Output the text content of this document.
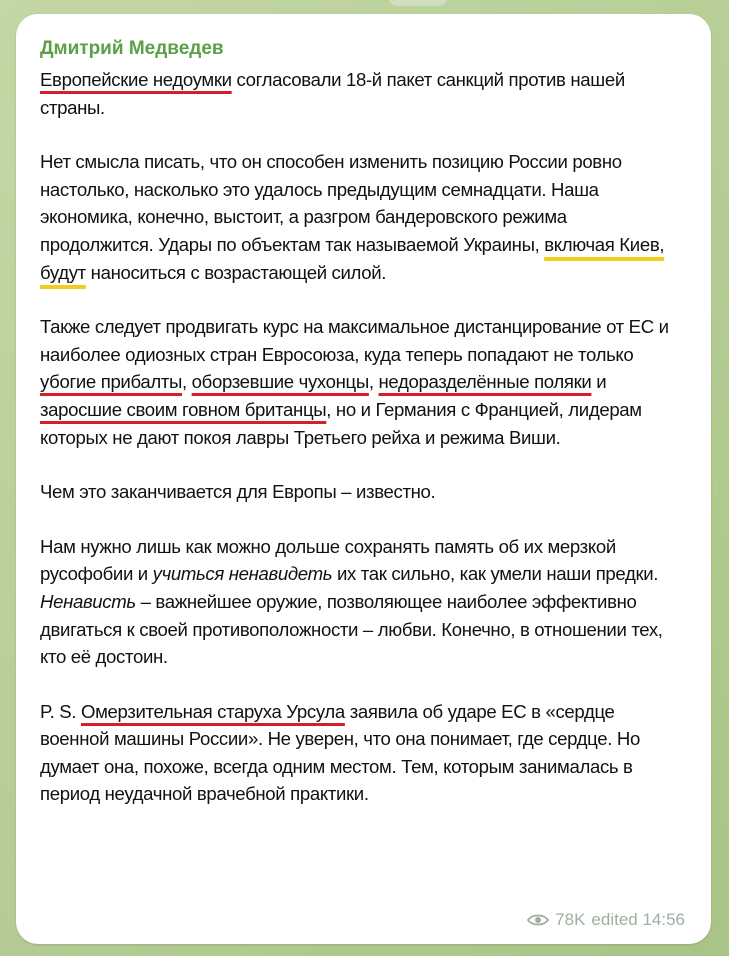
Дмитрий Медведев

Европейские недоумки согласовали 18-й пакет санкций против нашей страны.

Нет смысла писать, что он способен изменить позицию России ровно настолько, насколько это удалось предыдущим семнадцати. Наша экономика, конечно, выстоит, а разгром бандеровского режима продолжится. Удары по объектам так называемой Украины, включая Киев, будут наноситься с возрастающей силой.

Также следует продвигать курс на максимальное дистанцирование от ЕС и наиболее одиозных стран Евросоюза, куда теперь попадают не только убогие прибалты, оборзевшие чухонцы, недоразделённые поляки и заросшие своим говном британцы, но и Германия с Францией, лидерам которых не дают покоя лавры Третьего рейха и режима Виши.

Чем это заканчивается для Европы – известно.

Нам нужно лишь как можно дольше сохранять память об их мерзкой русофобии и учиться ненавидеть их так сильно, как умели наши предки. Ненависть – важнейшее оружие, позволяющее наиболее эффективно двигаться к своей противоположности – любви. Конечно, в отношении тех, кто её достоин.

P. S. Омерзительная старуха Урсула заявила об ударе ЕС в «сердце военной машины России». Не уверен, что она понимает, где сердце. Но думает она, похоже, всегда одним местом. Тем, которым занималась в период неудачной врачебной практики.

78K edited 14:56
